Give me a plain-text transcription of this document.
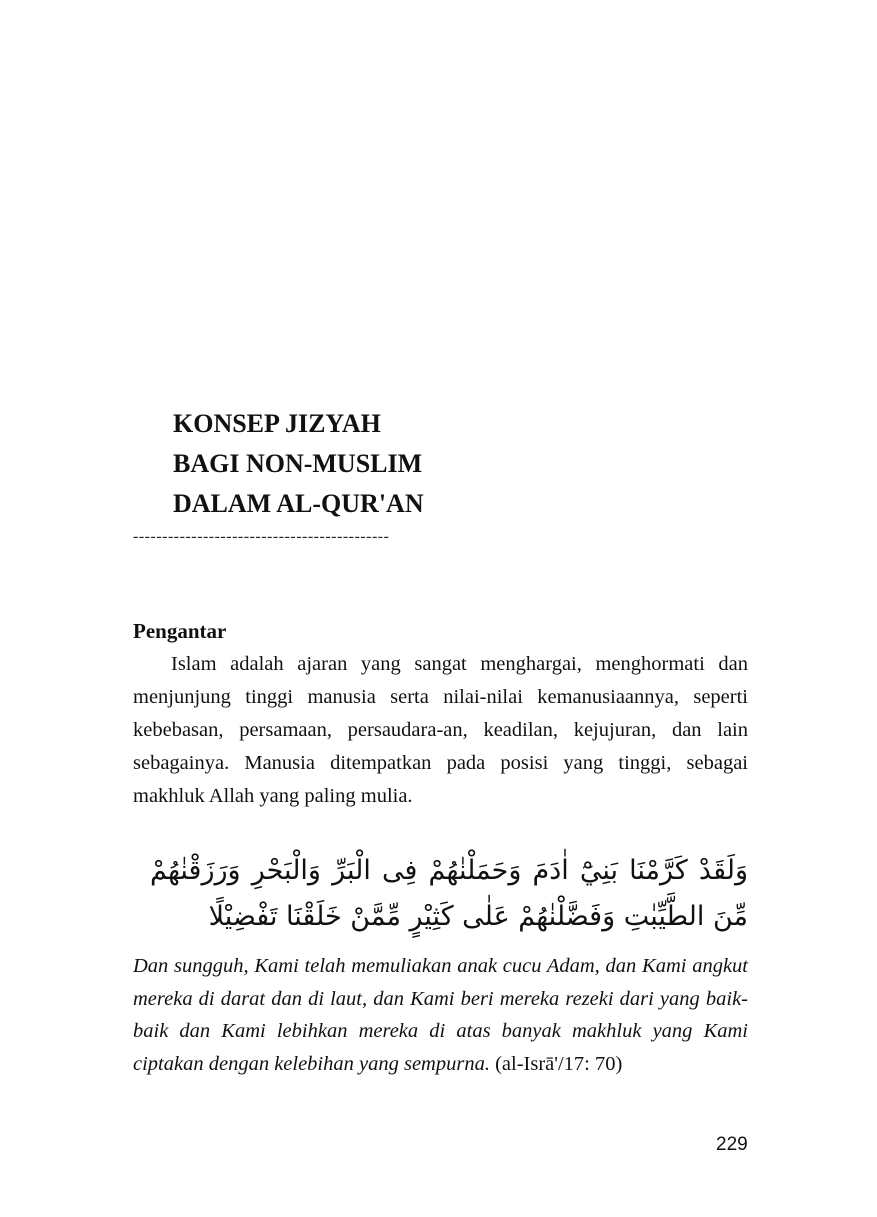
KONSEP JIZYAH
BAGI NON-MUSLIM
DALAM AL-QUR'AN
--------------------------------------------
Pengantar
Islam adalah ajaran yang sangat menghargai, menghormati dan menjunjung tinggi manusia serta nilai-nilai kemanusiaannya, seperti kebebasan, persamaan, persaudara-an, keadilan, kejujuran, dan lain sebagainya. Manusia ditempatkan pada posisi yang tinggi, sebagai makhluk Allah yang paling mulia.
وَلَقَدْ كَرَّمْنَا بَنِيْٓ اٰدَمَ وَحَمَلْنٰهُمْ فِى الْبَرِّ وَالْبَحْرِ وَرَزَقْنٰهُمْ مِّنَ الطَّيِّبٰتِ وَفَضَّلْنٰهُمْ عَلٰى كَثِيْرٍ مِّمَّنْ خَلَقْنَا تَفْضِيْلًا
Dan sungguh, Kami telah memuliakan anak cucu Adam, dan Kami angkut mereka di darat dan di laut, dan Kami beri mereka rezeki dari yang baik-baik dan Kami lebihkan mereka di atas banyak makhluk yang Kami ciptakan dengan kelebihan yang sempurna. (al-Isrā'/17: 70)
229
